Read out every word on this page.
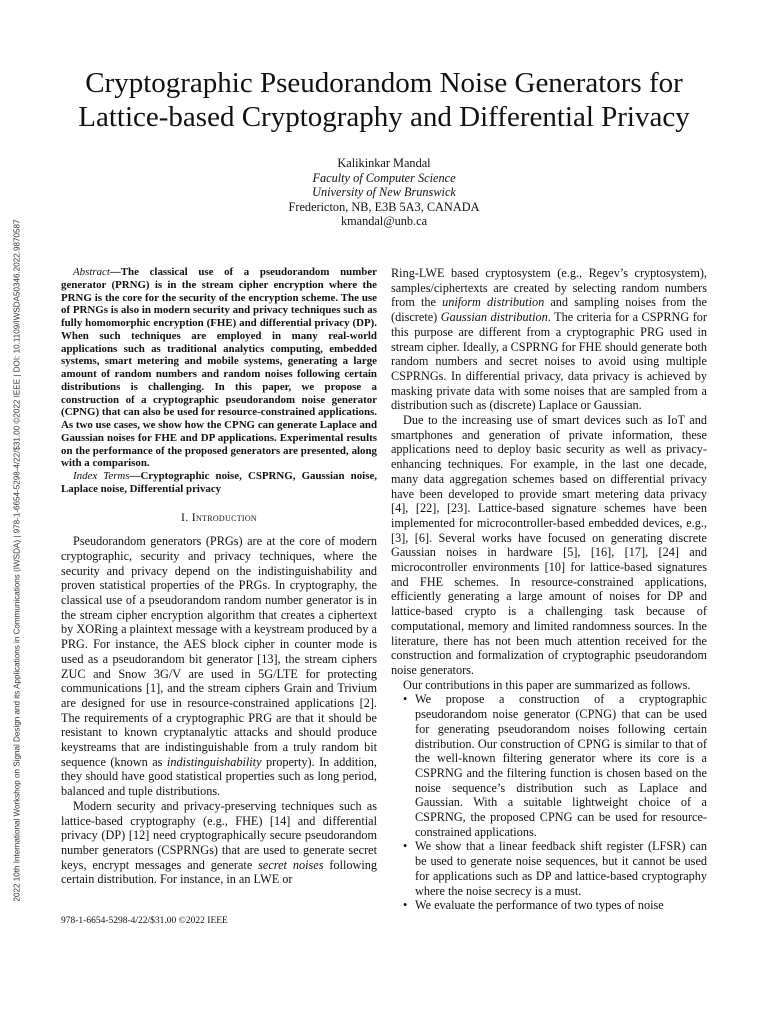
2022 10th International Workshop on Signal Design and its Applications in Communications (IWSDA) | 978-1-6654-5298-4/22/$31.00 ©2022 IEEE | DOI: 10.1109/IWSDA50346.2022.9870587
Cryptographic Pseudorandom Noise Generators for
Lattice-based Cryptography and Differential Privacy
Kalikinkar Mandal
Faculty of Computer Science
University of New Brunswick
Fredericton, NB, E3B 5A3, CANADA
kmandal@unb.ca

Abstract—The classical use of a pseudorandom number generator (PRNG) is in the stream cipher encryption where the PRNG is the core for the security of the encryption scheme. The use of PRNGs is also in modern security and privacy techniques such as fully homomorphic encryption (FHE) and differential privacy (DP). When such techniques are employed in many real-world applications such as traditional analytics computing, embedded systems, smart metering and mobile systems, generating a large amount of random numbers and random noises following certain distributions is challenging. In this paper, we propose a construction of a cryptographic pseudorandom noise generator (CPNG) that can also be used for resource-constrained applications. As two use cases, we show how the CPNG can generate Laplace and Gaussian noises for FHE and DP applications. Experimental results on the performance of the proposed generators are presented, along with a comparison.

Index Terms—Cryptographic noise, CSPRNG, Gaussian noise, Laplace noise, Differential privacy

I. Introduction

Pseudorandom generators (PRGs) are at the core of modern cryptographic, security and privacy techniques, where the security and privacy depend on the indistinguishability and proven statistical properties of the PRGs. In cryptography, the classical use of a pseudorandom random number generator is in the stream cipher encryption algorithm that creates a ciphertext by XORing a plaintext message with a keystream produced by a PRG. For instance, the AES block cipher in counter mode is used as a pseudorandom bit generator [13], the stream ciphers ZUC and Snow 3G/V are used in 5G/LTE for protecting communications [1], and the stream ciphers Grain and Trivium are designed for use in resource-constrained applications [2]. The requirements of a cryptographic PRG are that it should be resistant to known cryptanalytic attacks and should produce keystreams that are indistinguishable from a truly random bit sequence (known as indistinguishability property). In addition, they should have good statistical properties such as long period, balanced and tuple distributions.

Modern security and privacy-preserving techniques such as lattice-based cryptography (e.g., FHE) [14] and differential privacy (DP) [12] need cryptographically secure pseudorandom number generators (CSPRNGs) that are used to generate secret keys, encrypt messages and generate secret noises following certain distribution. For instance, in an LWE or

Ring-LWE based cryptosystem (e.g., Regev’s cryptosystem), samples/ciphertexts are created by selecting random numbers from the uniform distribution and sampling noises from the (discrete) Gaussian distribution. The criteria for a CSPRNG for this purpose are different from a cryptographic PRG used in stream cipher. Ideally, a CSPRNG for FHE should generate both random numbers and secret noises to avoid using multiple CSPRNGs. In differential privacy, data privacy is achieved by masking private data with some noises that are sampled from a distribution such as (discrete) Laplace or Gaussian.

Due to the increasing use of smart devices such as IoT and smartphones and generation of private information, these applications need to deploy basic security as well as privacy-enhancing techniques. For example, in the last one decade, many data aggregation schemes based on differential privacy have been developed to provide smart metering data privacy [4], [22], [23]. Lattice-based signature schemes have been implemented for microcontroller-based embedded devices, e.g., [3], [6]. Several works have focused on generating discrete Gaussian noises in hardware [5], [16], [17], [24] and microcontroller environments [10] for lattice-based signatures and FHE schemes. In resource-constrained applications, efficiently generating a large amount of noises for DP and lattice-based crypto is a challenging task because of computational, memory and limited randomness sources. In the literature, there has not been much attention received for the construction and formalization of cryptographic pseudorandom noise generators.

Our contributions in this paper are summarized as follows.

• We propose a construction of a cryptographic pseudorandom noise generator (CPNG) that can be used for generating pseudorandom noises following certain distribution. Our construction of CPNG is similar to that of the well-known filtering generator where its core is a CSPRNG and the filtering function is chosen based on the noise sequence’s distribution such as Laplace and Gaussian. With a suitable lightweight choice of a CSPRNG, the proposed CPNG can be used for resource-constrained applications.
• We show that a linear feedback shift register (LFSR) can be used to generate noise sequences, but it cannot be used for applications such as DP and lattice-based cryptography where the noise secrecy is a must.
• We evaluate the performance of two types of noise
978-1-6654-5298-4/22/$31.00 ©2022 IEEE
